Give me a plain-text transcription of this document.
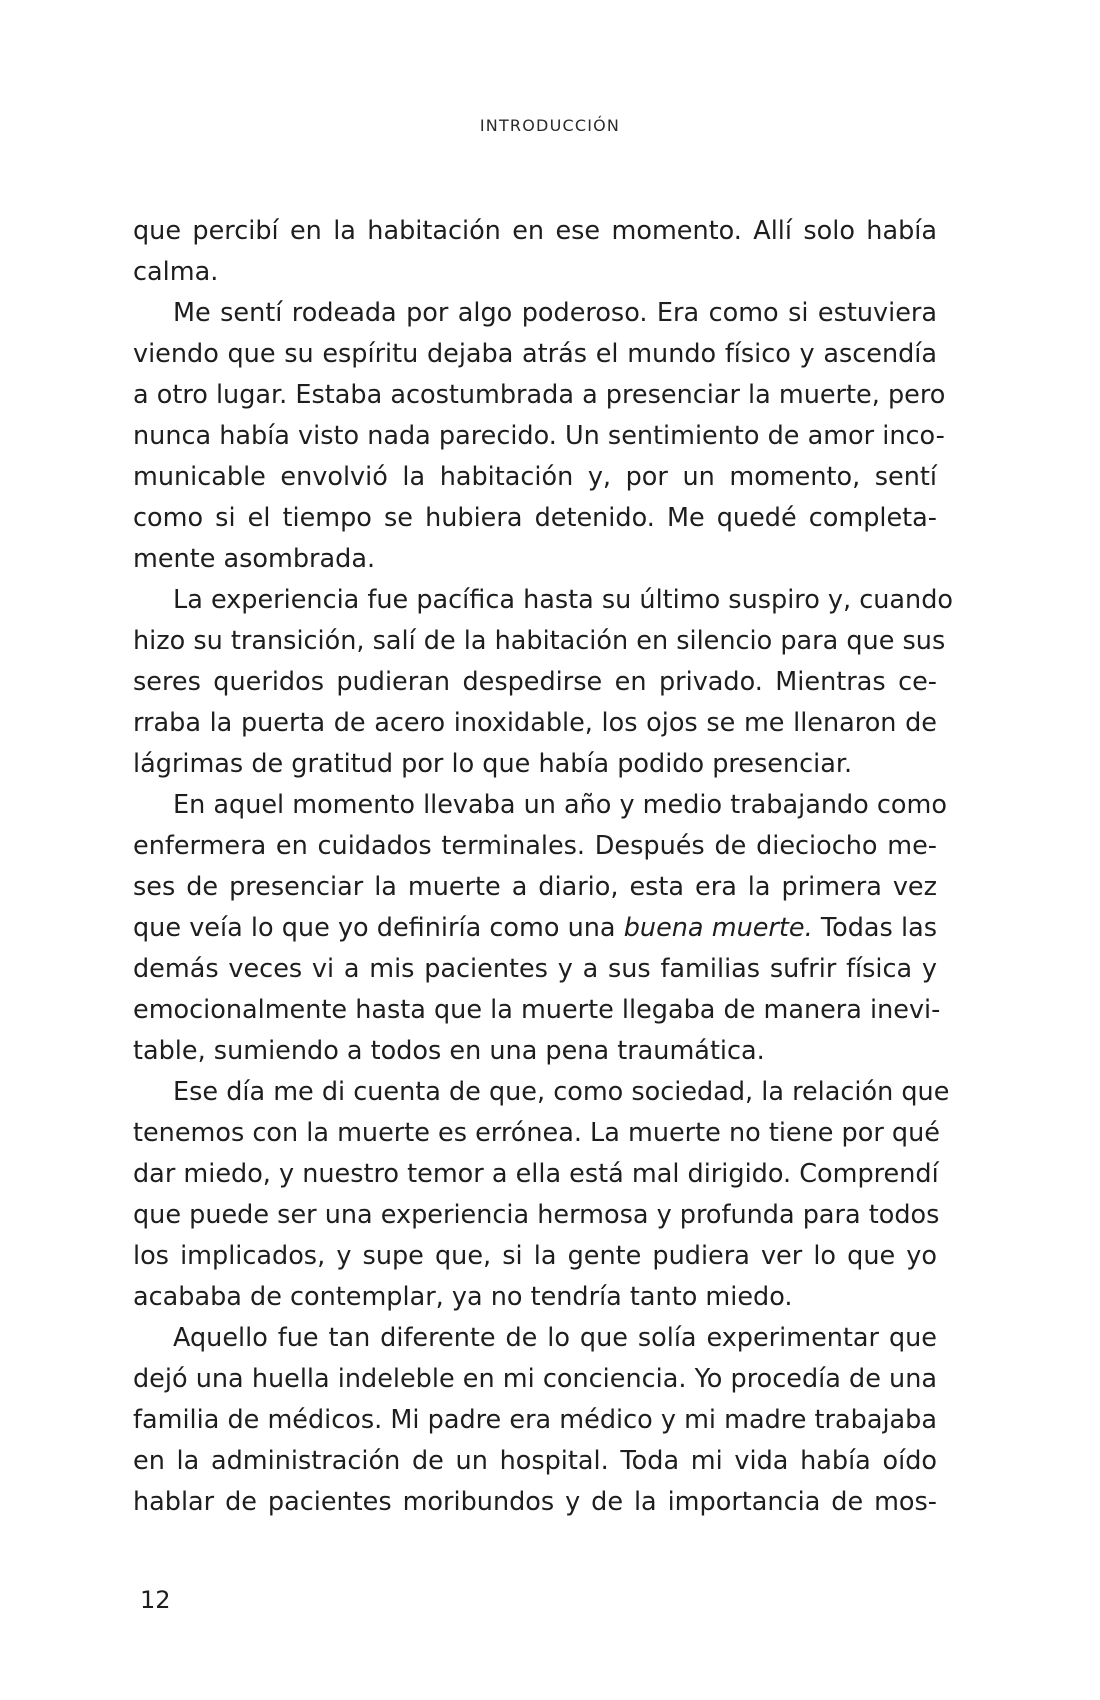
INTRODUCCIÓN
que percibí en la habitación en ese momento. Allí solo había
calma.
Me sentí rodeada por algo poderoso. Era como si estuviera
viendo que su espíritu dejaba atrás el mundo físico y ascendía
a otro lugar. Estaba acostumbrada a presenciar la muerte, pero
nunca había visto nada parecido. Un sentimiento de amor inco-
municable envolvió la habitación y, por un momento, sentí
como si el tiempo se hubiera detenido. Me quedé completa-
mente asombrada.
La experiencia fue pacífica hasta su último suspiro y, cuando
hizo su transición, salí de la habitación en silencio para que sus
seres queridos pudieran despedirse en privado. Mientras ce-
rraba la puerta de acero inoxidable, los ojos se me llenaron de
lágrimas de gratitud por lo que había podido presenciar.
En aquel momento llevaba un año y medio trabajando como
enfermera en cuidados terminales. Después de dieciocho me-
ses de presenciar la muerte a diario, esta era la primera vez
que veía lo que yo definiría como una buena muerte. Todas las
demás veces vi a mis pacientes y a sus familias sufrir física y
emocionalmente hasta que la muerte llegaba de manera inevi-
table, sumiendo a todos en una pena traumática.
Ese día me di cuenta de que, como sociedad, la relación que
tenemos con la muerte es errónea. La muerte no tiene por qué
dar miedo, y nuestro temor a ella está mal dirigido. Comprendí
que puede ser una experiencia hermosa y profunda para todos
los implicados, y supe que, si la gente pudiera ver lo que yo
acababa de contemplar, ya no tendría tanto miedo.
Aquello fue tan diferente de lo que solía experimentar que
dejó una huella indeleble en mi conciencia. Yo procedía de una
familia de médicos. Mi padre era médico y mi madre trabajaba
en la administración de un hospital. Toda mi vida había oído
hablar de pacientes moribundos y de la importancia de mos-
12
